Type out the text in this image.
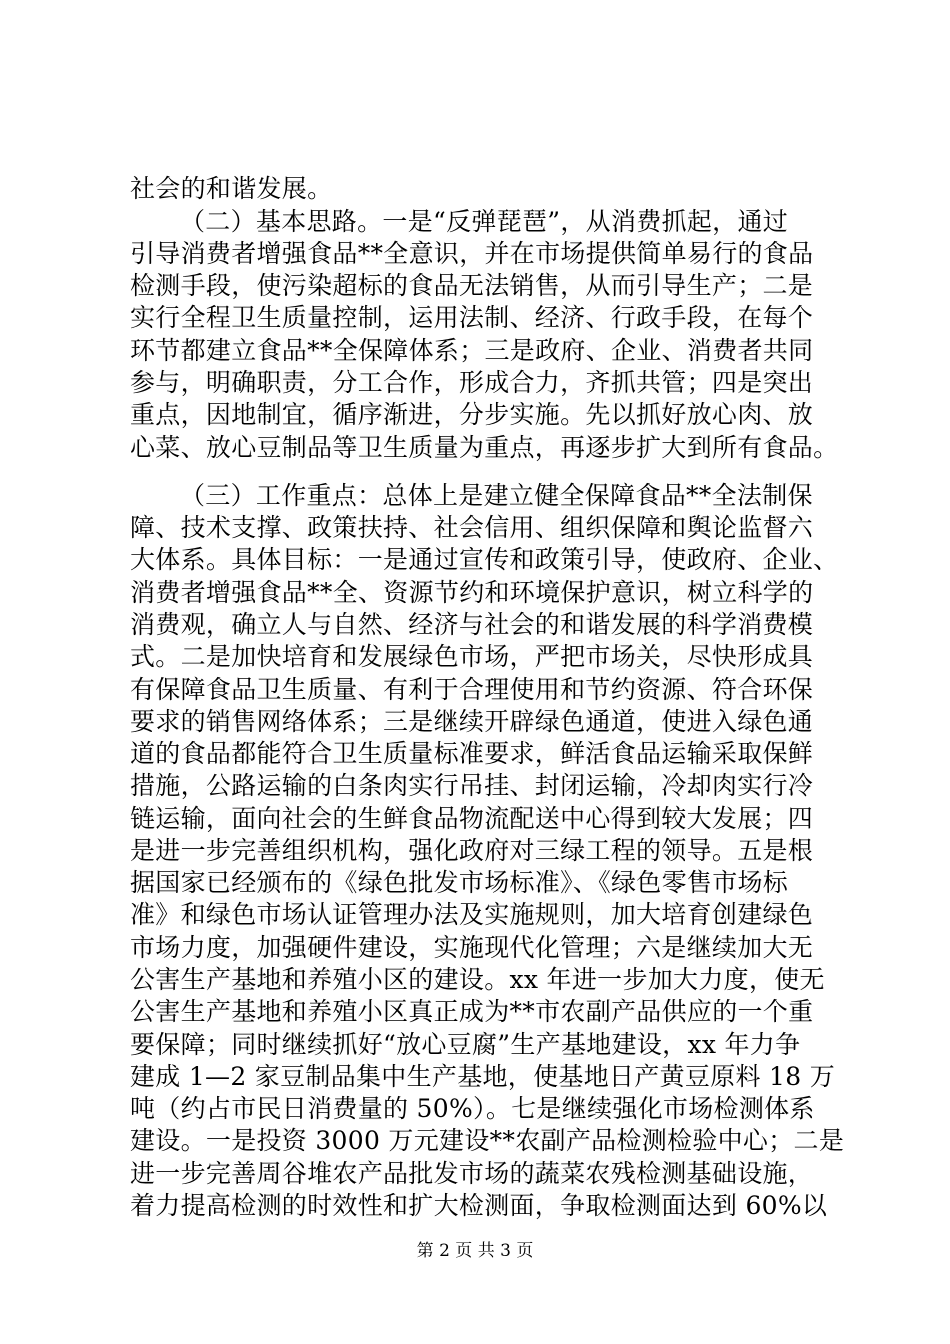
社会的和谐发展。
（二）基本思路。一是“反弹琵琶”，从消费抓起，通过
引导消费者增强食品**全意识，并在市场提供简单易行的食品
检测手段，使污染超标的食品无法销售，从而引导生产；二是
实行全程卫生质量控制，运用法制、经济、行政手段，在每个
环节都建立食品**全保障体系；三是政府、企业、消费者共同
参与，明确职责，分工合作，形成合力，齐抓共管；四是突出
重点，因地制宜，循序渐进，分步实施。先以抓好放心肉、放
心菜、放心豆制品等卫生质量为重点，再逐步扩大到所有食品。
（三）工作重点：总体上是建立健全保障食品**全法制保
障、技术支撑、政策扶持、社会信用、组织保障和舆论监督六
大体系。具体目标：一是通过宣传和政策引导，使政府、企业、
消费者增强食品**全、资源节约和环境保护意识，树立科学的
消费观，确立人与自然、经济与社会的和谐发展的科学消费模
式。二是加快培育和发展绿色市场，严把市场关，尽快形成具
有保障食品卫生质量、有利于合理使用和节约资源、符合环保
要求的销售网络体系；三是继续开辟绿色通道，使进入绿色通
道的食品都能符合卫生质量标准要求，鲜活食品运输采取保鲜
措施，公路运输的白条肉实行吊挂、封闭运输，冷却肉实行冷
链运输，面向社会的生鲜食品物流配送中心得到较大发展；四
是进一步完善组织机构，强化政府对三绿工程的领导。五是根
据国家已经颁布的《绿色批发市场标准》、《绿色零售市场标
准》和绿色市场认证管理办法及实施规则，加大培育创建绿色
市场力度，加强硬件建设，实施现代化管理；六是继续加大无
公害生产基地和养殖小区的建设。xx 年进一步加大力度，使无
公害生产基地和养殖小区真正成为**市农副产品供应的一个重
要保障；同时继续抓好“放心豆腐”生产基地建设，xx 年力争
建成 1—2 家豆制品集中生产基地，使基地日产黄豆原料 18 万
吨（约占市民日消费量的 50%）。七是继续强化市场检测体系
建设。一是投资 3000 万元建设**农副产品检测检验中心；二是
进一步完善周谷堆农产品批发市场的蔬菜农残检测基础设施，
着力提高检测的时效性和扩大检测面，争取检测面达到 60%以
第 2 页 共 3 页
